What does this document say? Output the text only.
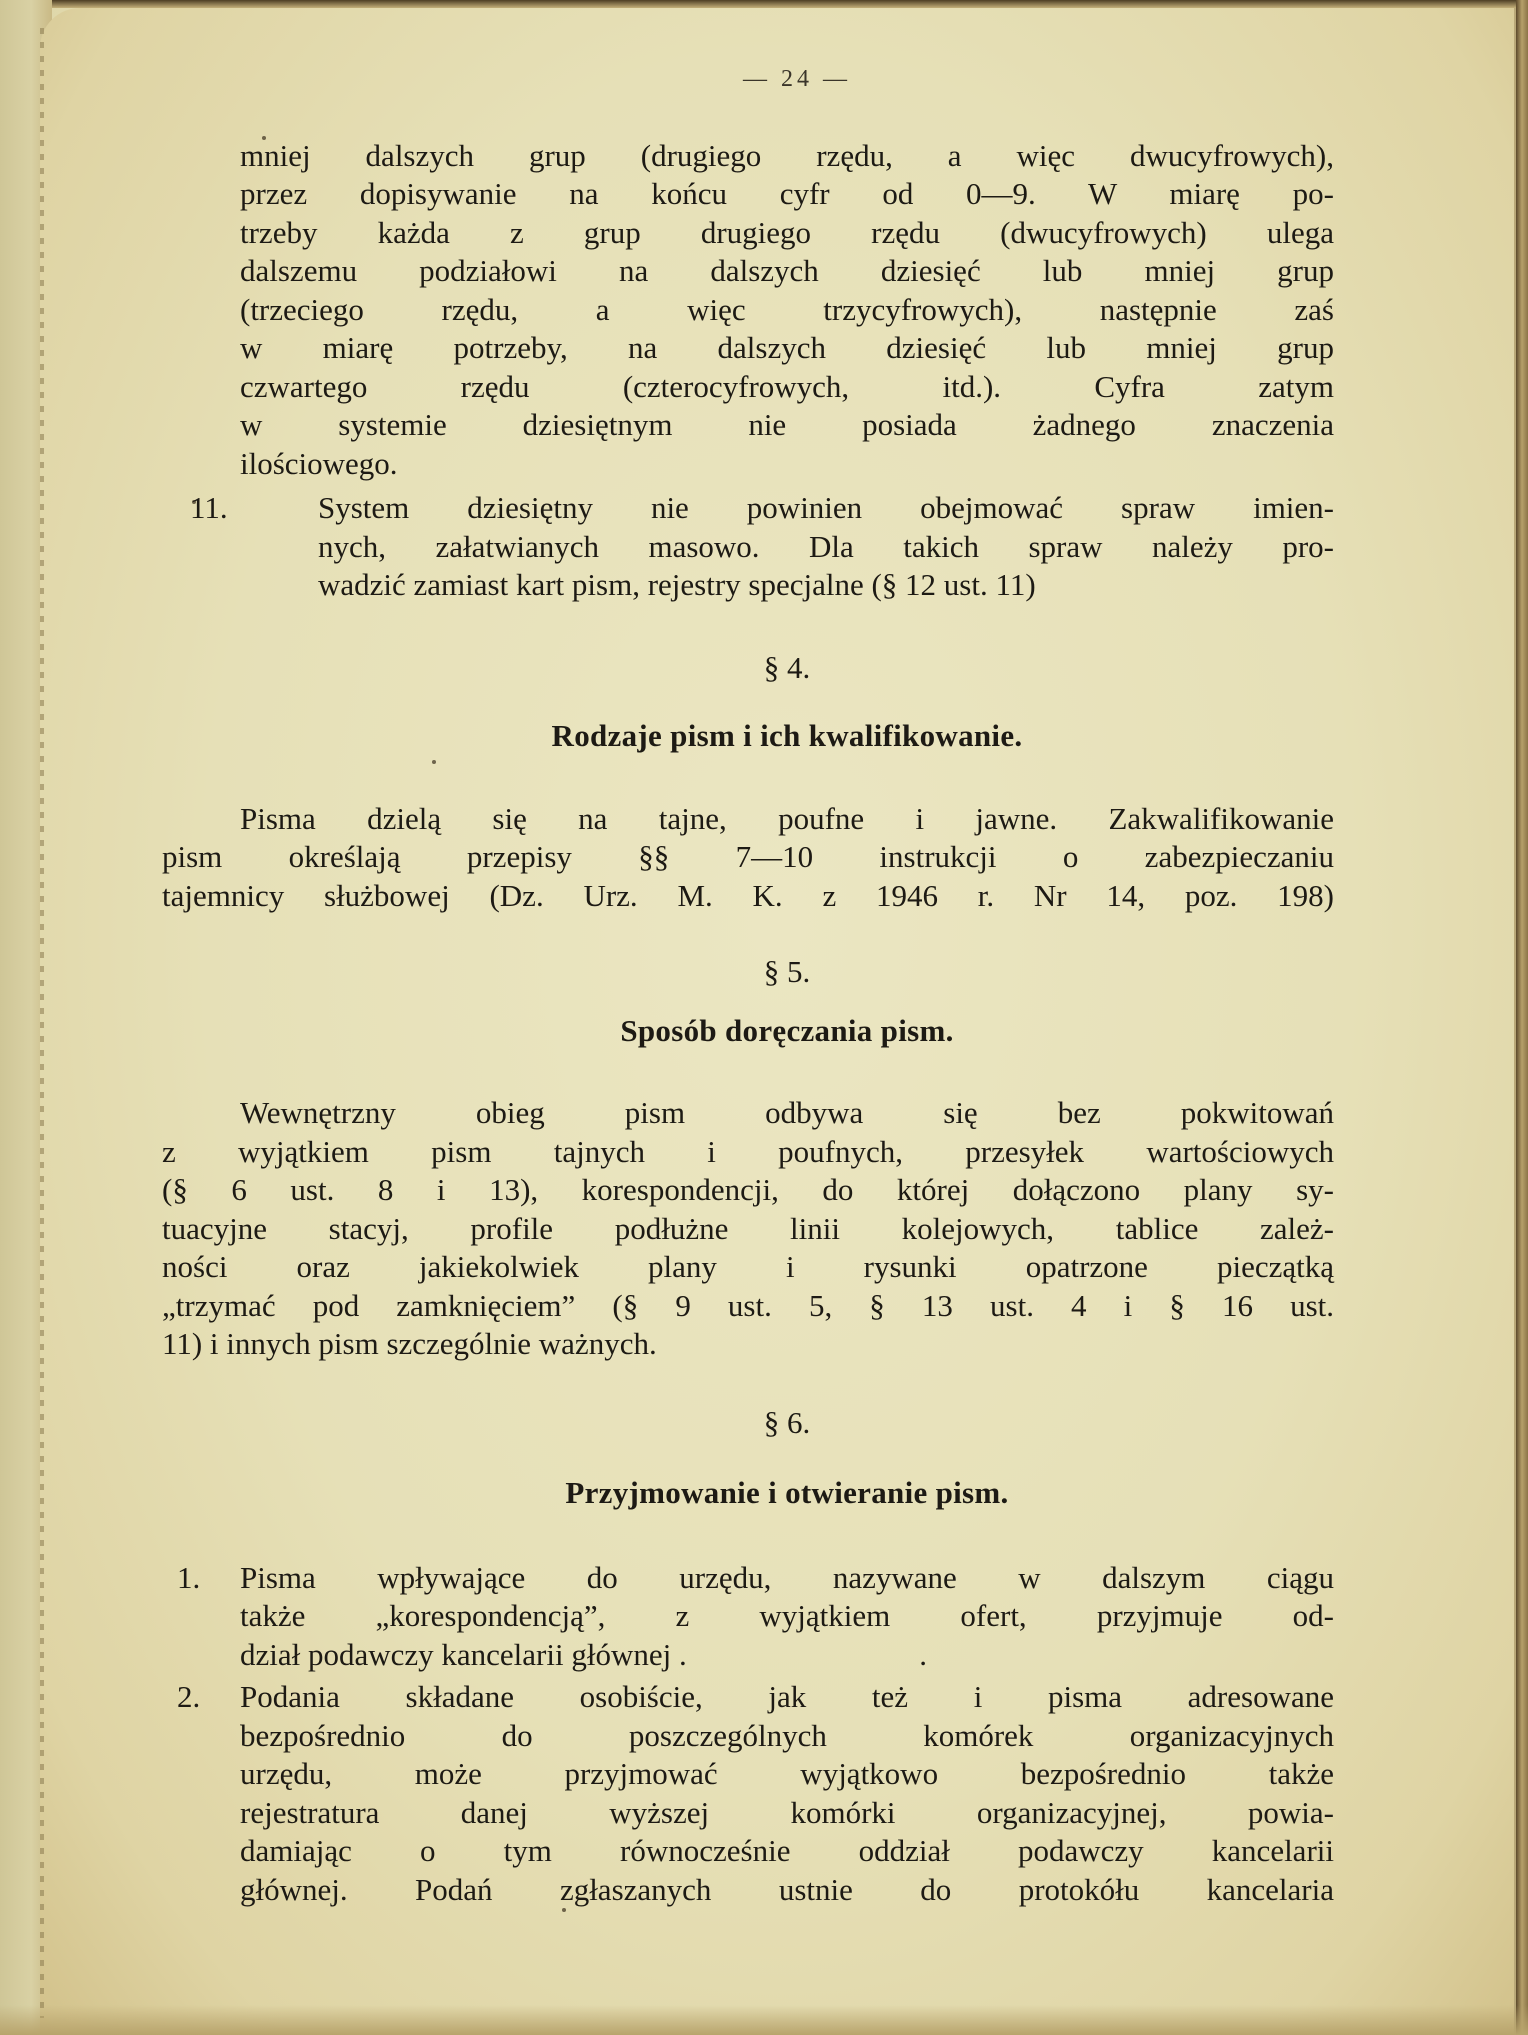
— 24 —
mniej dalszych grup (drugiego rzędu, a więc dwucyfrowych),
przez dopisywanie na końcu cyfr od 0—9. W miarę po-
trzeby każda z grup drugiego rzędu (dwucyfrowych) ulega
dalszemu podziałowi na dalszych dziesięć lub mniej grup
(trzeciego rzędu, a więc trzycyfrowych), następnie zaś
w miarę potrzeby, na dalszych dziesięć lub mniej grup
czwartego rzędu (czterocyfrowych, itd.). Cyfra zatym
w systemie dziesiętnym nie posiada żadnego znaczenia
ilościowego.
11.	System dziesiętny nie powinien obejmować spraw imien-
nych, załatwianych masowo. Dla takich spraw należy pro-
wadzić zamiast kart pism, rejestry specjalne (§ 12 ust. 11)
§ 4.
Rodzaje pism i ich kwalifikowanie.
Pisma dzielą się na tajne, poufne i jawne. Zakwalifikowanie
pism określają przepisy §§ 7—10 instrukcji o zabezpieczaniu
tajemnicy służbowej (Dz. Urz. M. K. z 1946 r. Nr 14, poz. 198)
§ 5.
Sposób doręczania pism.
Wewnętrzny obieg pism odbywa się bez pokwitowań
z wyjątkiem pism tajnych i poufnych, przesyłek wartościowych
(§ 6 ust. 8 i 13), korespondencji, do której dołączono plany sy-
tuacyjne stacyj, profile podłużne linii kolejowych, tablice zależ-
ności oraz jakiekolwiek plany i rysunki opatrzone pieczątką
„trzymać pod zamknięciem” (§ 9 ust. 5, § 13 ust. 4 i § 16 ust.
11) i innych pism szczególnie ważnych.
§ 6.
Przyjmowanie i otwieranie pism.
1. Pisma wpływające do urzędu, nazywane w dalszym ciągu
także „korespondencją”, z wyjątkiem ofert, przyjmuje od-
dział podawczy kancelarii głównej .                              .
2. Podania składane osobiście, jak też i pisma adresowane
bezpośrednio do poszczególnych komórek organizacyjnych
urzędu, może przyjmować wyjątkowo bezpośrednio także
rejestratura danej wyższej komórki organizacyjnej, powia-
damiając o tym równocześnie oddział podawczy kancelarii
głównej. Podań zgłaszanych ustnie do protokółu kancelaria
